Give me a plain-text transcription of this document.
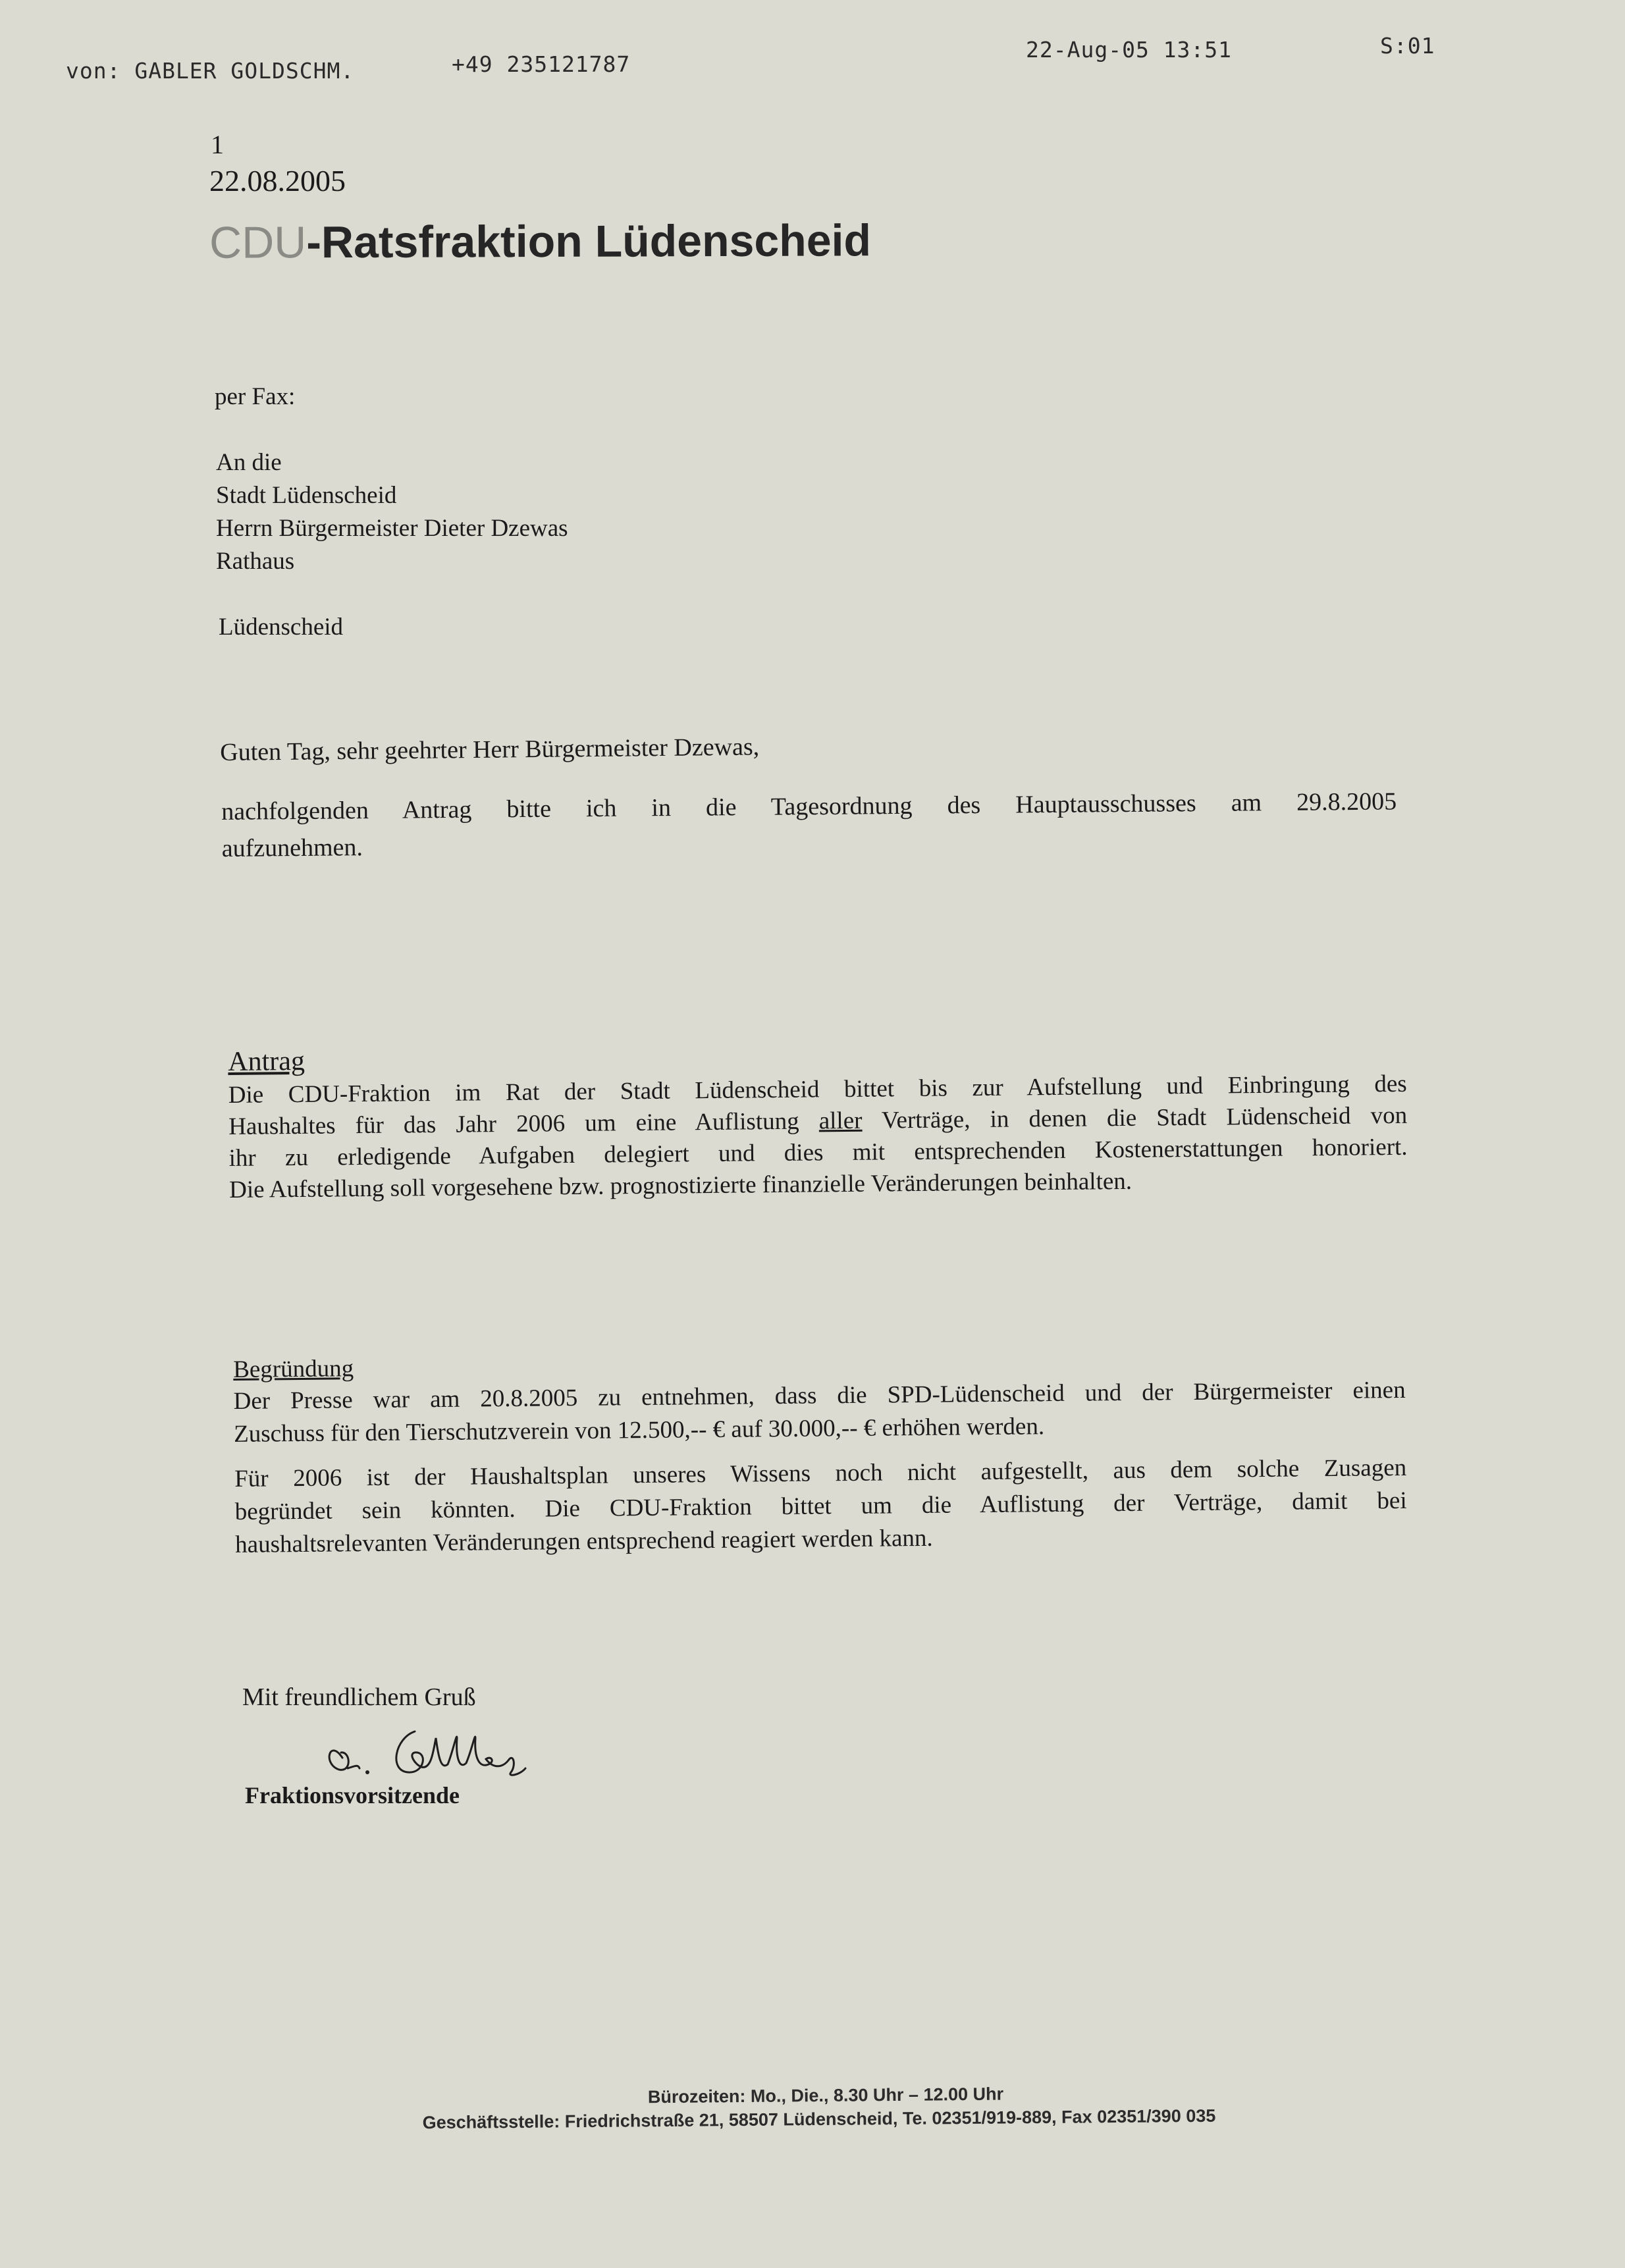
von: GABLER GOLDSCHM.	+49 235121787
22-Aug-05 13:51	S:01
1
22.08.2005
CDU-Ratsfraktion Lüdenscheid
per Fax:
An die
Stadt Lüdenscheid
Herrn Bürgermeister Dieter Dzewas
Rathaus
Lüdenscheid
Guten Tag, sehr geehrter Herr Bürgermeister Dzewas,
nachfolgenden Antrag bitte ich in die Tagesordnung des Hauptausschusses am 29.8.2005
aufzunehmen.
Antrag
Die CDU-Fraktion im Rat der Stadt Lüdenscheid bittet bis zur Aufstellung und Einbringung des
Haushaltes für das Jahr 2006 um eine Auflistung aller Verträge, in denen die Stadt Lüdenscheid von
ihr zu erledigende Aufgaben delegiert und dies mit entsprechenden Kostenerstattungen honoriert.
Die Aufstellung soll vorgesehene bzw. prognostizierte finanzielle Veränderungen beinhalten.
Begründung
Der Presse war am 20.8.2005 zu entnehmen, dass die SPD-Lüdenscheid und der Bürgermeister einen
Zuschuss für den Tierschutzverein von 12.500,-- € auf 30.000,-- € erhöhen werden.
Für 2006 ist der Haushaltsplan unseres Wissens noch nicht aufgestellt, aus dem solche Zusagen
begründet sein könnten. Die CDU-Fraktion bittet um die Auflistung der Verträge, damit bei
haushaltsrelevanten Veränderungen entsprechend reagiert werden kann.
Mit freundlichem Gruß
Fraktionsvorsitzende
Bürozeiten: Mo., Die., 8.30 Uhr – 12.00 Uhr
Geschäftsstelle: Friedrichstraße 21, 58507 Lüdenscheid, Te. 02351/919-889, Fax 02351/390 035
